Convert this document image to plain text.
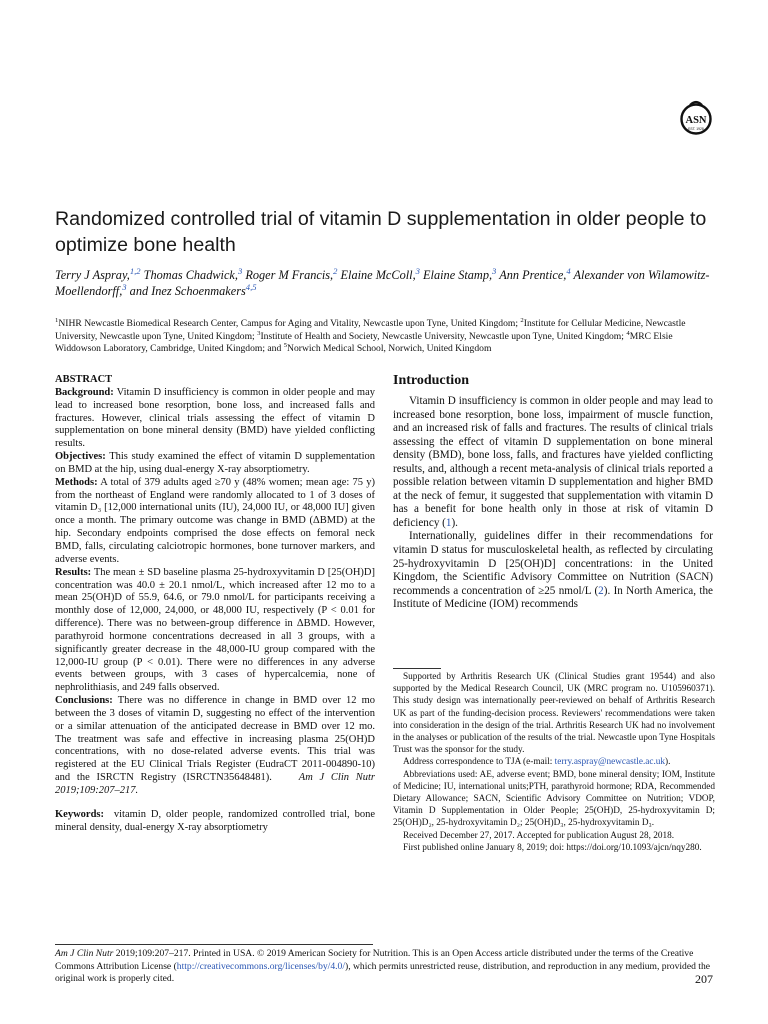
ASN
EST. 1928
Randomized controlled trial of vitamin D supplementation in older people to optimize bone health

Terry J Aspray,$^{1,2}$ Thomas Chadwick,$^3$ Roger M Francis,$^2$ Elaine McColl,$^3$ Elaine Stamp,$^3$ Ann Prentice,$^4$ Alexander von Wilamowitz-Moellendorff,$^3$ and Inez Schoenmakers$^{4,5}$

$^1$NIHR Newcastle Biomedical Research Center, Campus for Aging and Vitality, Newcastle upon Tyne, United Kingdom; $^2$Institute for Cellular Medicine, Newcastle University, Newcastle upon Tyne, United Kingdom; $^3$Institute of Health and Society, Newcastle University, Newcastle upon Tyne, United Kingdom; $^4$MRC Elsie Widdowson Laboratory, Cambridge, United Kingdom; and $^5$Norwich Medical School, Norwich, United Kingdom

ABSTRACT

Background: Vitamin D insufficiency is common in older people and may lead to increased bone resorption, bone loss, and increased falls and fractures. However, clinical trials assessing the effect of vitamin D supplementation on bone mineral density (BMD) have yielded conflicting results.

Objectives: This study examined the effect of vitamin D supplementation on BMD at the hip, using dual-energy X-ray absorptiometry.

Methods: A total of 379 adults aged ≥70 y (48% women; mean age: 75 y) from the northeast of England were randomly allocated to 1 of 3 doses of vitamin D₃ [12,000 international units (IU), 24,000 IU, or 48,000 IU] given once a month. The primary outcome was change in BMD (ΔBMD) at the hip. Secondary endpoints comprised the dose effects on femoral neck BMD, falls, circulating calciotropic hormones, bone turnover markers, and adverse events.

Results: The mean ± SD baseline plasma 25-hydroxyvitamin D [25(OH)D] concentration was 40.0 ± 20.1 nmol/L, which increased after 12 mo to a mean 25(OH)D of 55.9, 64.6, or 79.0 nmol/L for participants receiving a monthly dose of 12,000, 24,000, or 48,000 IU, respectively (P < 0.01 for difference). There was no between-group difference in ΔBMD. However, parathyroid hormone concentrations decreased in all 3 groups, with a significantly greater decrease in the 48,000-IU group compared with the 12,000-IU group (P < 0.01). There were no differences in any adverse events between groups, with 3 cases of hypercalcemia, none of nephrolithiasis, and 249 falls observed.

Conclusions: There was no difference in change in BMD over 12 mo between the 3 doses of vitamin D, suggesting no effect of the intervention or a similar attenuation of the anticipated decrease in BMD over 12 mo. The treatment was safe and effective in increasing plasma 25(OH)D concentrations, with no dose-related adverse events. This trial was registered at the EU Clinical Trials Register (EudraCT 2011-004890-10) and the ISRCTN Registry (ISRCTN35648481).	Am J Clin Nutr 2019;109:207–217.

Keywords: vitamin D, older people, randomized controlled trial, bone mineral density, dual-energy X-ray absorptiometry

Introduction

Vitamin D insufficiency is common in older people and may lead to increased bone resorption, bone loss, impairment of muscle function, and an increased risk of falls and fractures. The results of clinical trials assessing the effect of vitamin D supplementation on bone mineral density (BMD), bone loss, falls, and fractures have yielded conflicting results, and, although a recent meta-analysis of clinical trials reported a possible relation between vitamin D supplementation and higher BMD at the neck of femur, it suggested that supplementation with vitamin D has a benefit for bone health only in those at risk of vitamin D deficiency (1).

Internationally, guidelines differ in their recommendations for vitamin D status for musculoskeletal health, as reflected by circulating 25-hydroxyvitamin D [25(OH)D] concentrations: in the United Kingdom, the Scientific Advisory Committee on Nutrition (SACN) recommends a concentration of ≥25 nmol/L (2). In North America, the Institute of Medicine (IOM) recommends

Supported by Arthritis Research UK (Clinical Studies grant 19544) and also supported by the Medical Research Council, UK (MRC program no. U105960371). This study design was internationally peer-reviewed on behalf of Arthritis Research UK as part of the funding-decision process. Reviewers' recommendations were taken into consideration in the design of the trial. Arthritis Research UK had no involvement in the analyses or publication of the results of the trial. Newcastle upon Tyne Hospitals Trust was the sponsor for the study.

Address correspondence to TJA (e-mail: terry.aspray@newcastle.ac.uk).

Abbreviations used: AE, adverse event; BMD, bone mineral density; IOM, Institute of Medicine; IU, international units;PTH, parathyroid hormone; RDA, Recommended Dietary Allowance; SACN, Scientific Advisory Committee on Nutrition; VDOP, Vitamin D Supplementation in Older People; 25(OH)D, 25-hydroxyvitamin D; 25(OH)D₂, 25-hydroxyvitamin D₂; 25(OH)D₃, 25-hydroxyvitamin D₃.

Received December 27, 2017. Accepted for publication August 28, 2018.

First published online January 8, 2019; doi: https://doi.org/10.1093/ajcn/nqy280.

Am J Clin Nutr 2019;109:207–217. Printed in USA. © 2019 American Society for Nutrition. This is an Open Access article distributed under the terms of the Creative Commons Attribution License (http://creativecommons.org/licenses/by/4.0/), which permits unrestricted reuse, distribution, and reproduction in any medium, provided the original work is properly cited.	207
